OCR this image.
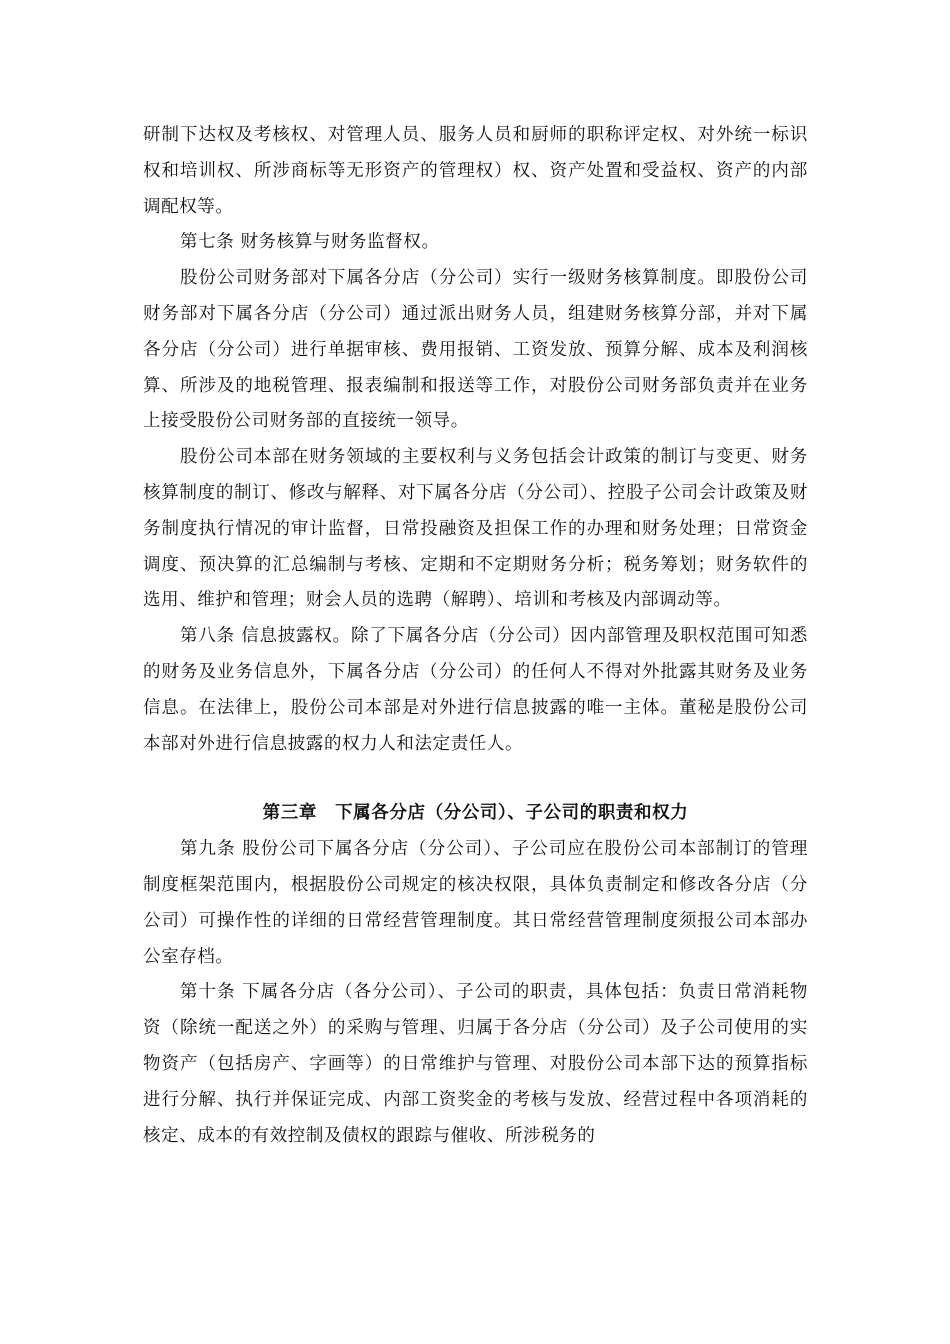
研制下达权及考核权、对管理人员、服务人员和厨师的职称评定权、对外统一标识权和培训权、所涉商标等无形资产的管理权）权、资产处置和受益权、资产的内部调配权等。

第七条 财务核算与财务监督权。

股份公司财务部对下属各分店（分公司）实行一级财务核算制度。即股份公司财务部对下属各分店（分公司）通过派出财务人员，组建财务核算分部，并对下属各分店（分公司）进行单据审核、费用报销、工资发放、预算分解、成本及利润核算、所涉及的地税管理、报表编制和报送等工作，对股份公司财务部负责并在业务上接受股份公司财务部的直接统一领导。

股份公司本部在财务领域的主要权利与义务包括会计政策的制订与变更、财务核算制度的制订、修改与解释、对下属各分店（分公司）、控股子公司会计政策及财务制度执行情况的审计监督，日常投融资及担保工作的办理和财务处理；日常资金调度、预决算的汇总编制与考核、定期和不定期财务分析；税务筹划；财务软件的选用、维护和管理；财会人员的选聘（解聘）、培训和考核及内部调动等。

第八条 信息披露权。除了下属各分店（分公司）因内部管理及职权范围可知悉的财务及业务信息外，下属各分店（分公司）的任何人不得对外批露其财务及业务信息。在法律上，股份公司本部是对外进行信息披露的唯一主体。董秘是股份公司本部对外进行信息披露的权力人和法定责任人。

第三章　下属各分店（分公司）、子公司的职责和权力

第九条 股份公司下属各分店（分公司）、子公司应在股份公司本部制订的管理制度框架范围内，根据股份公司规定的核决权限，具体负责制定和修改各分店（分公司）可操作性的详细的日常经营管理制度。其日常经营管理制度须报公司本部办公室存档。

第十条 下属各分店（各分公司）、子公司的职责，具体包括：负责日常消耗物资（除统一配送之外）的采购与管理、归属于各分店（分公司）及子公司使用的实物资产（包括房产、字画等）的日常维护与管理、对股份公司本部下达的预算指标进行分解、执行并保证完成、内部工资奖金的考核与发放、经营过程中各项消耗的核定、成本的有效控制及债权的跟踪与催收、所涉税务的
